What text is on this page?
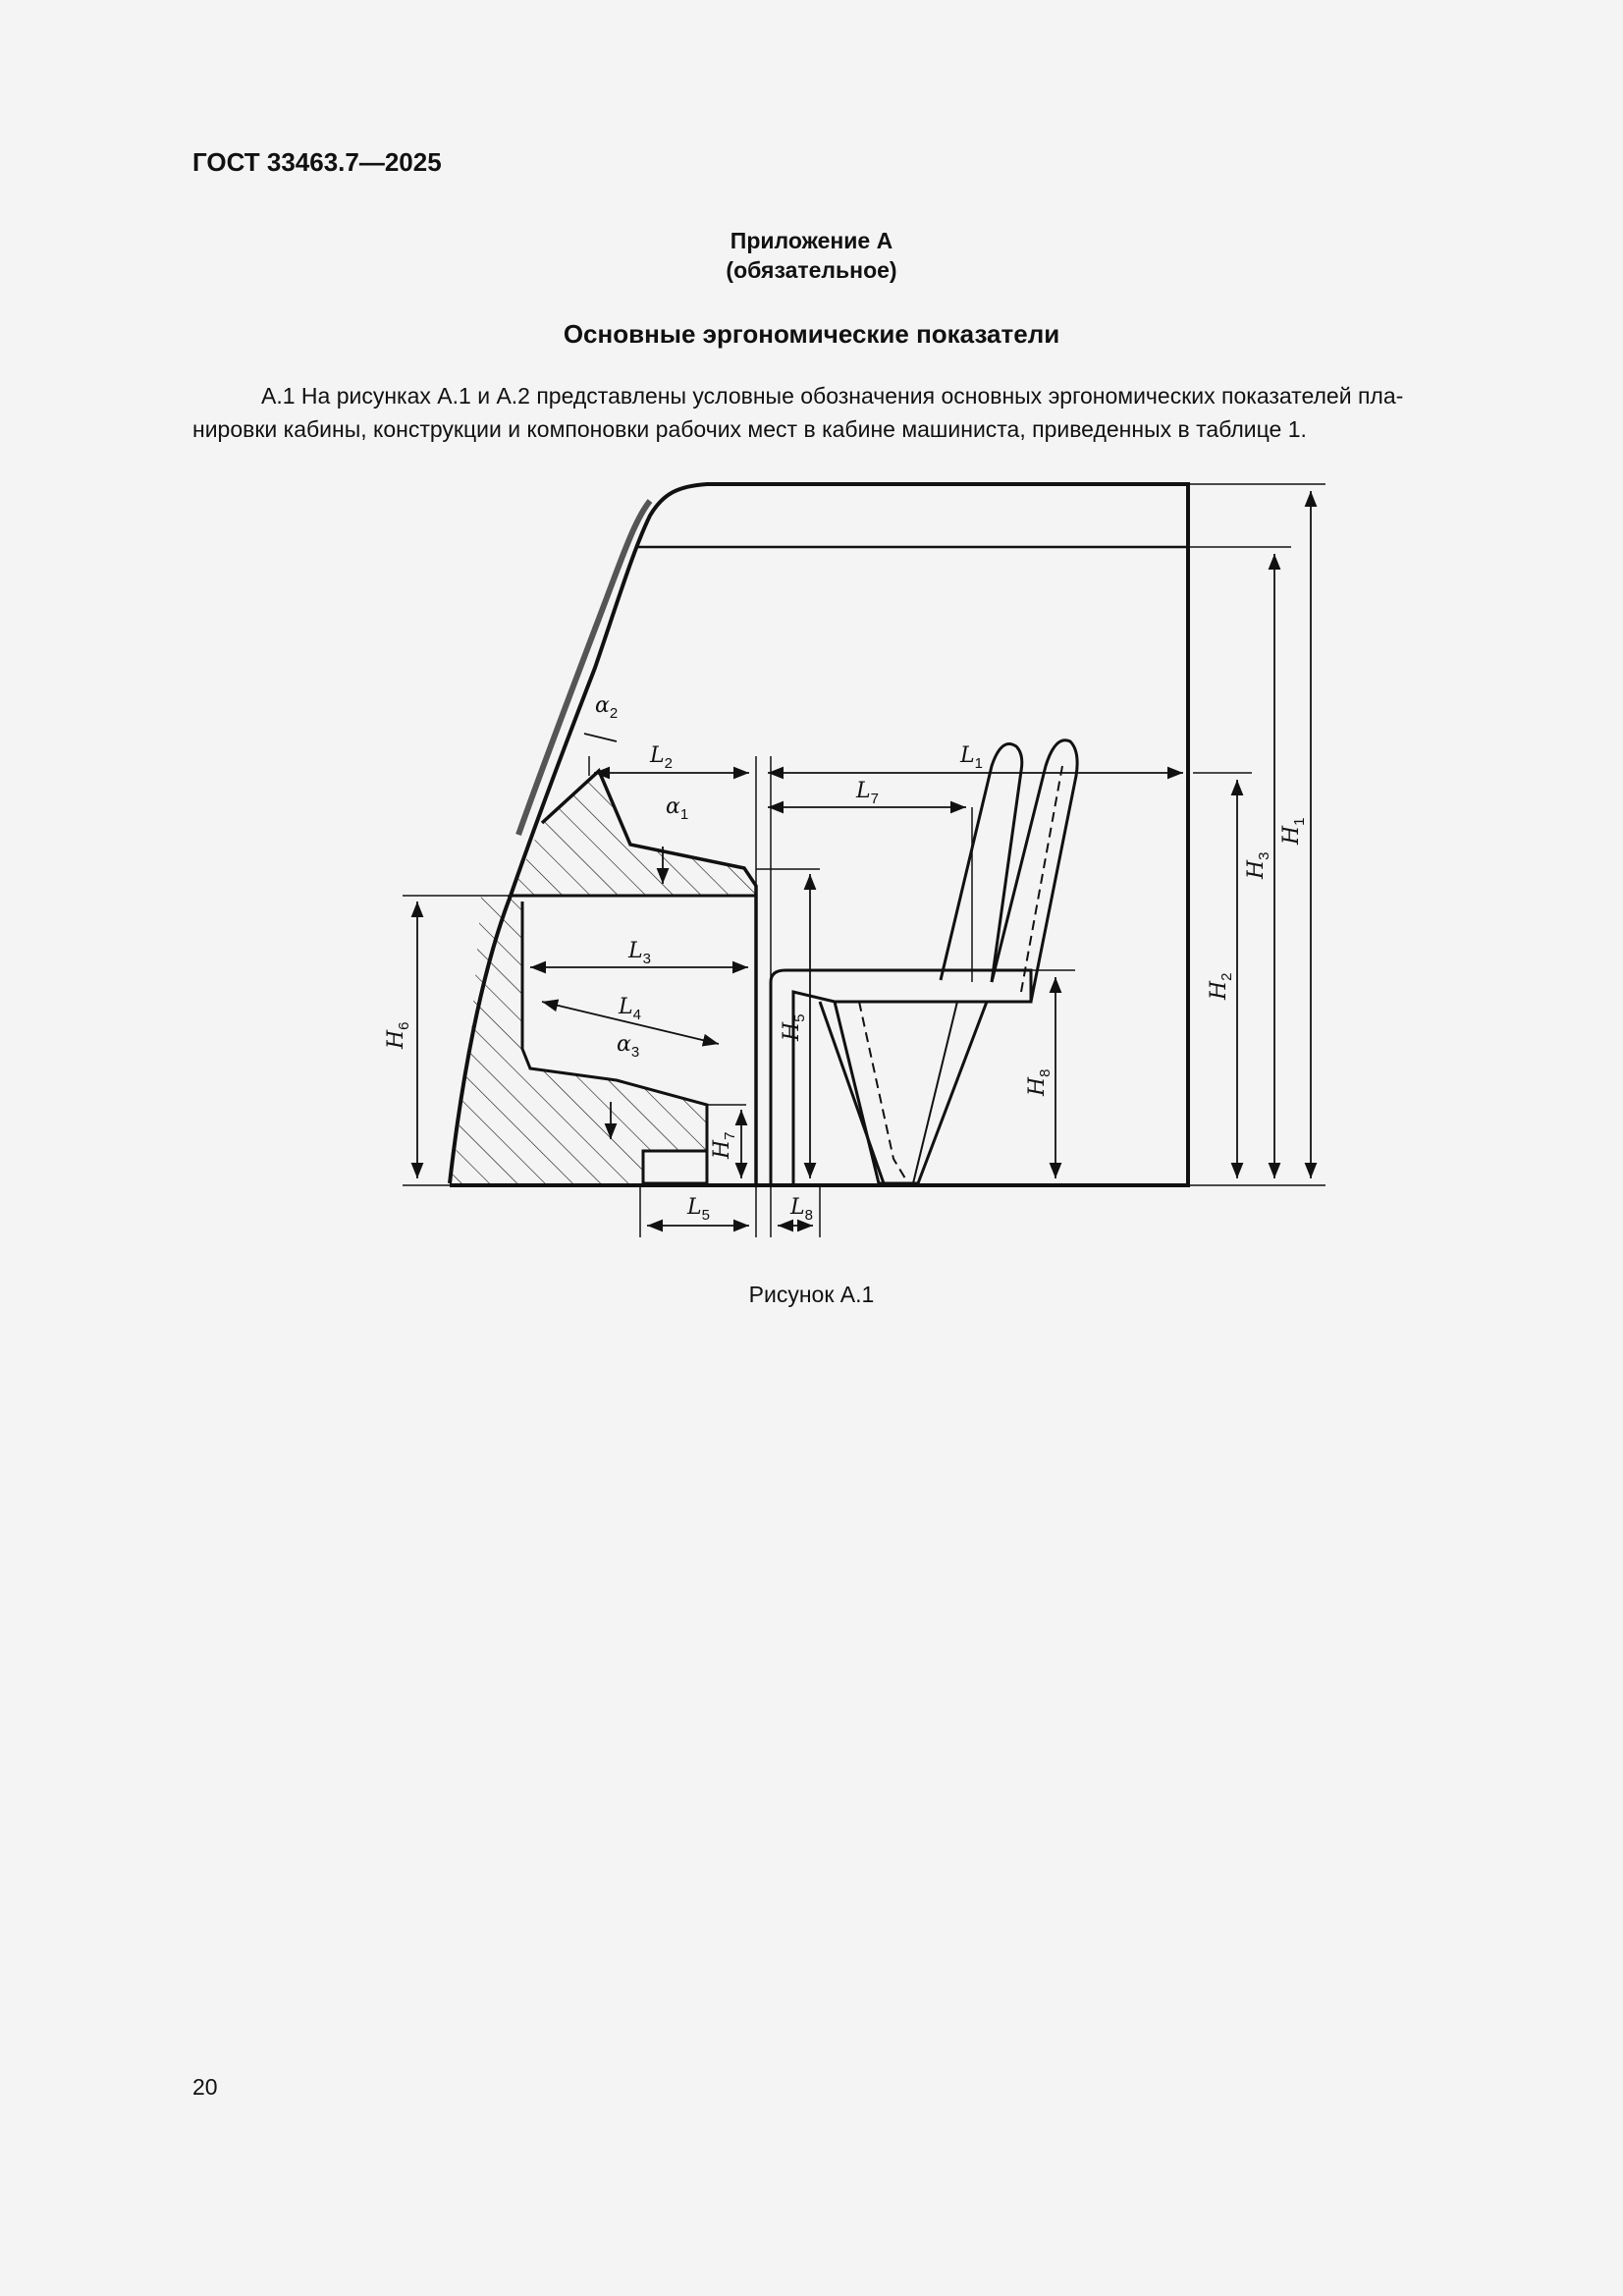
ГОСТ 33463.7—2025
Приложение А
(обязательное)
Основные эргономические показатели
А.1 На рисунках А.1 и А.2 представлены условные обозначения основных эргономических показателей пла-
нировки кабины, конструкции и компоновки рабочих мест в кабине машиниста, приведенных в таблице 1.
$L_1$
$L_2$
$L_3$
$L_4$
$L_5$
$L_7$
$L_8$
$\alpha_2$
$\alpha_1$
$\alpha_3$
$H_1$
$H_3$
$H_2$
$H_5$
$H_8$
$H_6$
$H_7$
Рисунок А.1
20
